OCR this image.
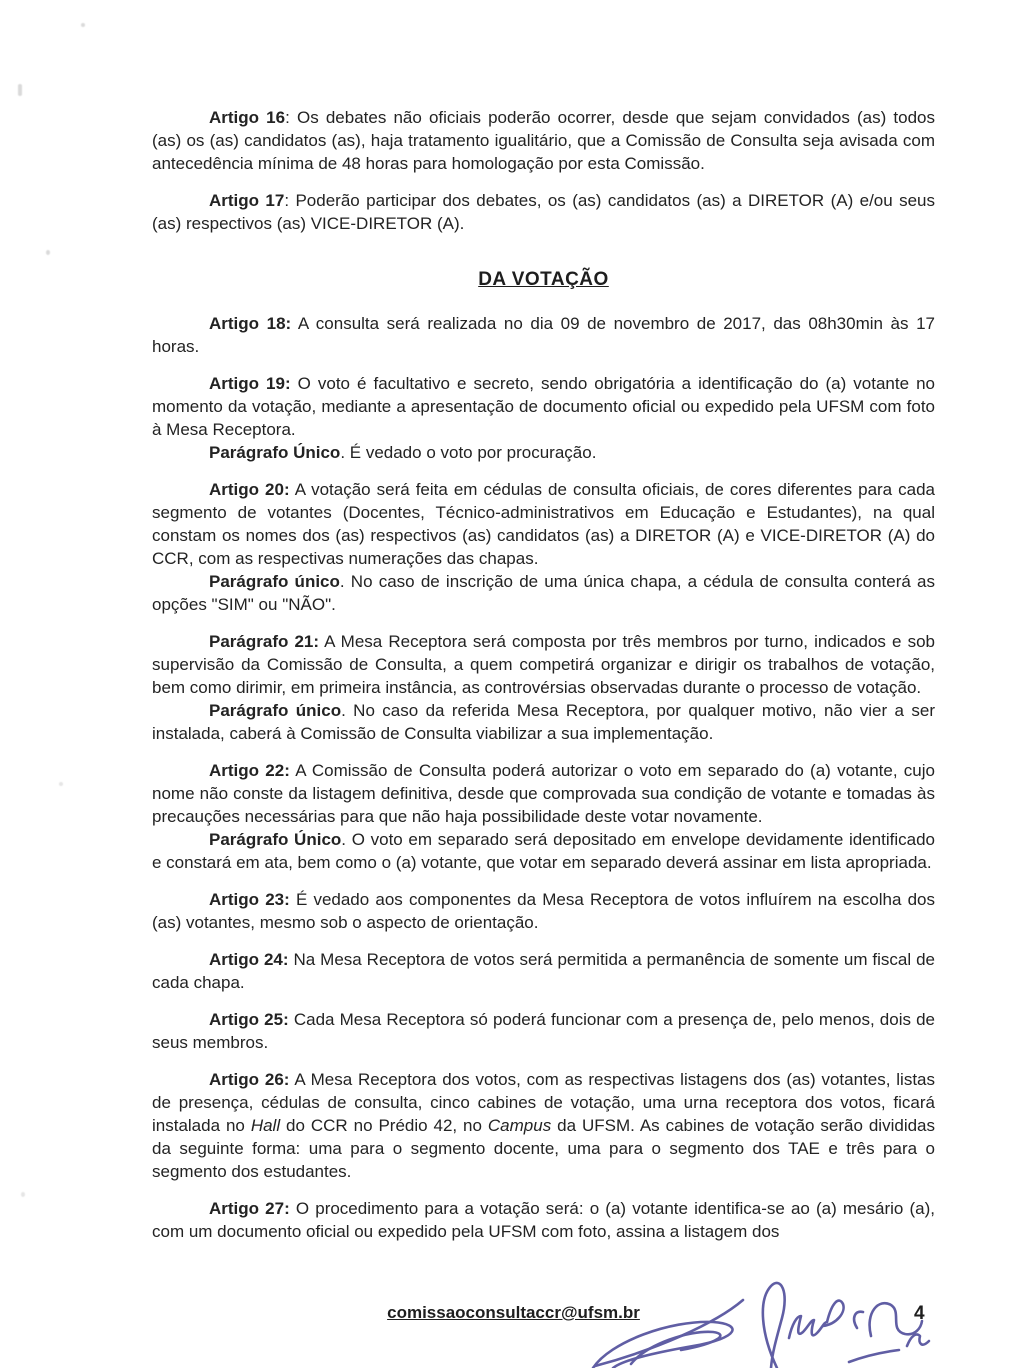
Artigo 16: Os debates não oficiais poderão ocorrer, desde que sejam convidados (as) todos (as) os (as) candidatos (as), haja tratamento igualitário, que a Comissão de Consulta seja avisada com antecedência mínima de 48 horas para homologação por esta Comissão.

Artigo 17: Poderão participar dos debates, os (as) candidatos (as) a DIRETOR (A) e/ou seus (as) respectivos (as) VICE-DIRETOR (A).

DA VOTAÇÃO

Artigo 18: A consulta será realizada no dia 09 de novembro de 2017, das 08h30min às 17 horas.

Artigo 19: O voto é facultativo e secreto, sendo obrigatória a identificação do (a) votante no momento da votação, mediante a apresentação de documento oficial ou expedido pela UFSM com foto à Mesa Receptora.

Parágrafo Único. É vedado o voto por procuração.

Artigo 20: A votação será feita em cédulas de consulta oficiais, de cores diferentes para cada segmento de votantes (Docentes, Técnico-administrativos em Educação e Estudantes), na qual constam os nomes dos (as) respectivos (as) candidatos (as) a DIRETOR (A) e VICE-DIRETOR (A) do CCR, com as respectivas numerações das chapas.

Parágrafo único. No caso de inscrição de uma única chapa, a cédula de consulta conterá as opções "SIM" ou "NÃO".

Parágrafo 21: A Mesa Receptora será composta por três membros por turno, indicados e sob supervisão da Comissão de Consulta, a quem competirá organizar e dirigir os trabalhos de votação, bem como dirimir, em primeira instância, as controvérsias observadas durante o processo de votação.

Parágrafo único. No caso da referida Mesa Receptora, por qualquer motivo, não vier a ser instalada, caberá à Comissão de Consulta viabilizar a sua implementação.

Artigo 22: A Comissão de Consulta poderá autorizar o voto em separado do (a) votante, cujo nome não conste da listagem definitiva, desde que comprovada sua condição de votante e tomadas às precauções necessárias para que não haja possibilidade deste votar novamente.

Parágrafo Único. O voto em separado será depositado em envelope devidamente identificado e constará em ata, bem como o (a) votante, que votar em separado deverá assinar em lista apropriada.

Artigo 23: É vedado aos componentes da Mesa Receptora de votos influírem na escolha dos (as) votantes, mesmo sob o aspecto de orientação.

Artigo 24: Na Mesa Receptora de votos será permitida a permanência de somente um fiscal de cada chapa.

Artigo 25: Cada Mesa Receptora só poderá funcionar com a presença de, pelo menos, dois de seus membros.

Artigo 26: A Mesa Receptora dos votos, com as respectivas listagens dos (as) votantes, listas de presença, cédulas de consulta, cinco cabines de votação, uma urna receptora dos votos, ficará instalada no Hall do CCR no Prédio 42, no Campus da UFSM. As cabines de votação serão divididas da seguinte forma: uma para o segmento docente, uma para o segmento dos TAE e três para o segmento dos estudantes.

Artigo 27: O procedimento para a votação será: o (a) votante identifica-se ao (a) mesário (a), com um documento oficial ou expedido pela UFSM com foto, assina a listagem dos

comissaoconsultaccr@ufsm.br	4
